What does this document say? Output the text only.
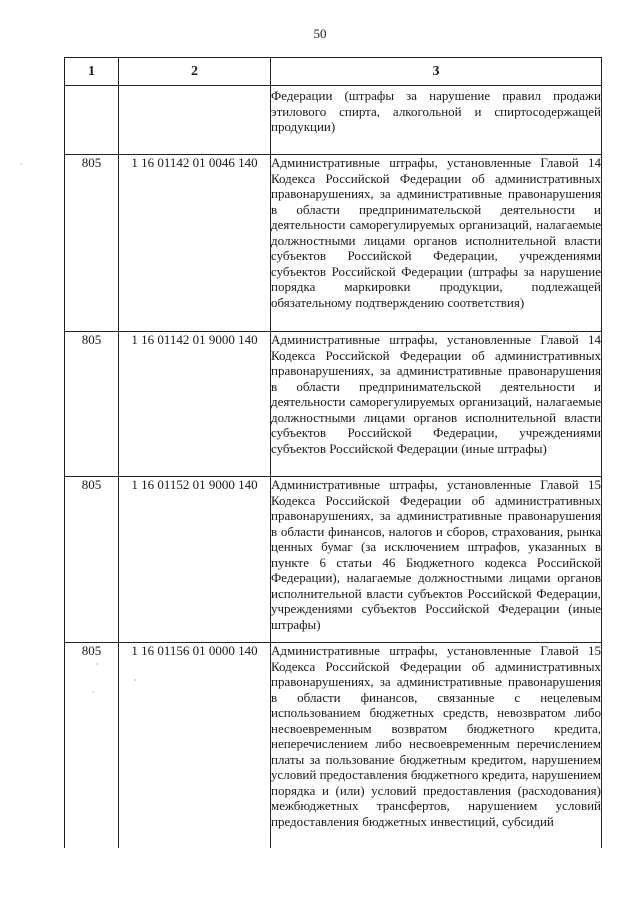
50
1	2	3
		Федерации (штрафы за нарушение правил продажи этилового спирта, алкогольной и спиртосодержащей продукции)
805	1 16 01142 01 0046 140	Административные штрафы, установленные Главой 14 Кодекса Российской Федерации об административных правонарушениях, за административные правонарушения в области предпринимательской деятельности и деятельности саморегулируемых организаций, налагаемые должностными лицами органов исполнительной власти субъектов Российской Федерации, учреждениями субъектов Российской Федерации (штрафы за нарушение порядка маркировки продукции, подлежащей обязательному подтверждению соответствия)
805	1 16 01142 01 9000 140	Административные штрафы, установленные Главой 14 Кодекса Российской Федерации об административных правонарушениях, за административные правонарушения в области предпринимательской деятельности и деятельности саморегулируемых организаций, налагаемые должностными лицами органов исполнительной власти субъектов Российской Федерации, учреждениями субъектов Российской Федерации (иные штрафы)
805	1 16 01152 01 9000 140	Административные штрафы, установленные Главой 15 Кодекса Российской Федерации об административных правонарушениях, за административные правонарушения в области финансов, налогов и сборов, страхования, рынка ценных бумаг (за исключением штрафов, указанных в пункте 6 статьи 46 Бюджетного кодекса Российской Федерации), налагаемые должностными лицами органов исполнительной власти субъектов Российской Федерации, учреждениями субъектов Российской Федерации (иные штрафы)
805	1 16 01156 01 0000 140	Административные штрафы, установленные Главой 15 Кодекса Российской Федерации об административных правонарушениях, за административные правонарушения в области финансов, связанные с нецелевым использованием бюджетных средств, невозвратом либо несвоевременным возвратом бюджетного кредита, неперечислением либо несвоевременным перечислением платы за пользование бюджетным кредитом, нарушением условий предоставления бюджетного кредита, нарушением порядка и (или) условий предоставления (расходования) межбюджетных трансфертов, нарушением условий предоставления бюджетных инвестиций, субсидий
·
·
·
·
